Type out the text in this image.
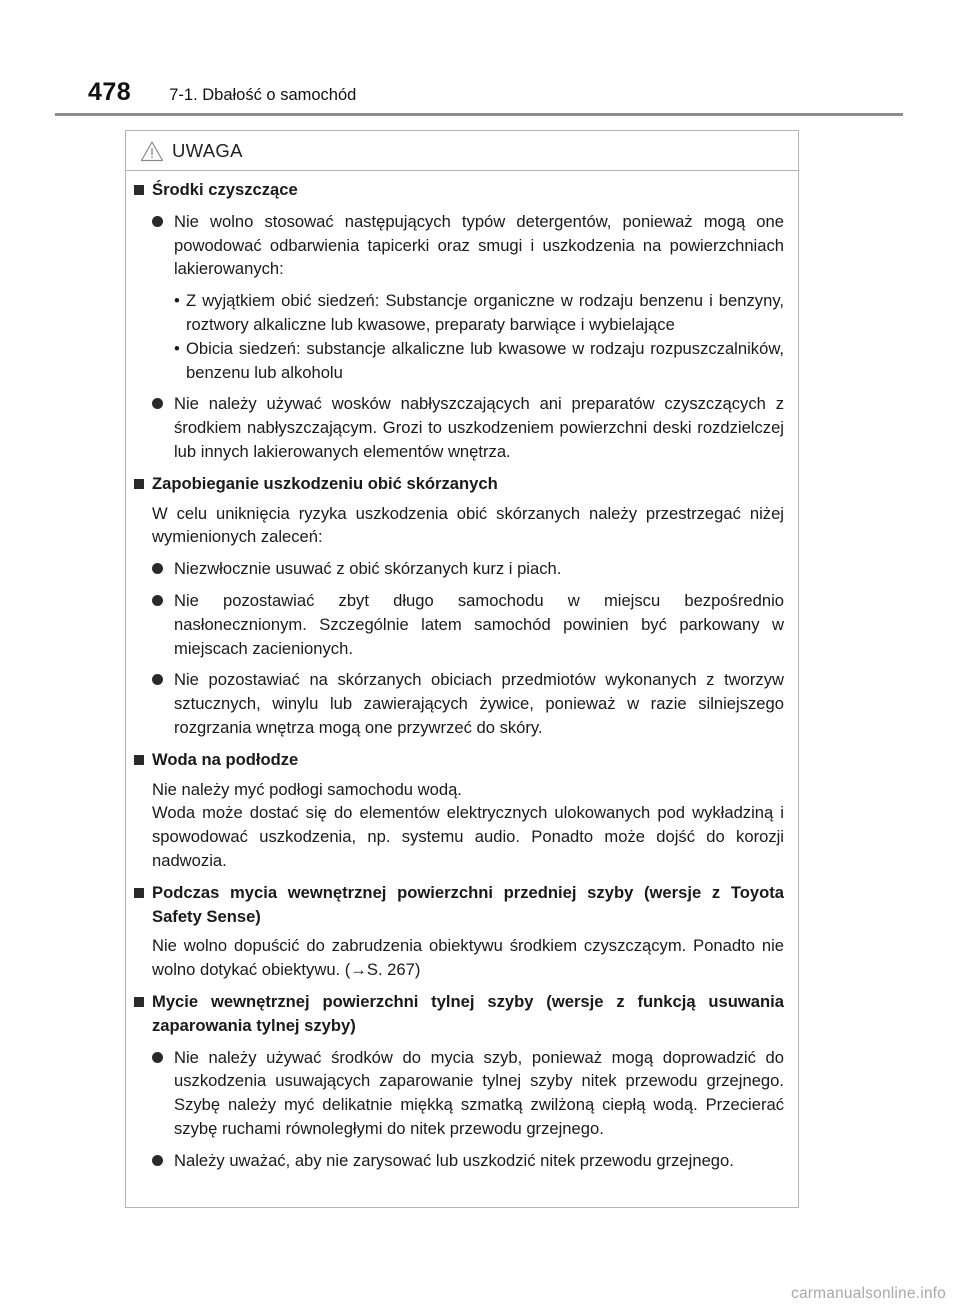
478 7-1. Dbałość o samochód
UWAGA
Środki czyszczące
Nie wolno stosować następujących typów detergentów, ponieważ mogą one powodować odbarwienia tapicerki oraz smugi i uszkodzenia na powierzchniach lakierowanych:
• Z wyjątkiem obić siedzeń: Substancje organiczne w rodzaju benzenu i benzyny, roztwory alkaliczne lub kwasowe, preparaty barwiące i wybielające
• Obicia siedzeń: substancje alkaliczne lub kwasowe w rodzaju rozpuszczalników, benzenu lub alkoholu
Nie należy używać wosków nabłyszczających ani preparatów czyszczących z środkiem nabłyszczającym. Grozi to uszkodzeniem powierzchni deski rozdzielczej lub innych lakierowanych elementów wnętrza.
Zapobieganie uszkodzeniu obić skórzanych
W celu uniknięcia ryzyka uszkodzenia obić skórzanych należy przestrzegać niżej wymienionych zaleceń:
Niezwłocznie usuwać z obić skórzanych kurz i piach.
Nie pozostawiać zbyt długo samochodu w miejscu bezpośrednio nasłonecznionym. Szczególnie latem samochód powinien być parkowany w miejscach zacienionych.
Nie pozostawiać na skórzanych obiciach przedmiotów wykonanych z tworzyw sztucznych, winylu lub zawierających żywice, ponieważ w razie silniejszego rozgrzania wnętrza mogą one przywrzeć do skóry.
Woda na podłodze
Nie należy myć podłogi samochodu wodą.
Woda może dostać się do elementów elektrycznych ulokowanych pod wykładziną i spowodować uszkodzenia, np. systemu audio. Ponadto może dojść do korozji nadwozia.
Podczas mycia wewnętrznej powierzchni przedniej szyby (wersje z Toyota Safety Sense)
Nie wolno dopuścić do zabrudzenia obiektywu środkiem czyszczącym. Ponadto nie wolno dotykać obiektywu. (→S. 267)
Mycie wewnętrznej powierzchni tylnej szyby (wersje z funkcją usuwania zaparowania tylnej szyby)
Nie należy używać środków do mycia szyb, ponieważ mogą doprowadzić do uszkodzenia usuwających zaparowanie tylnej szyby nitek przewodu grzejnego. Szybę należy myć delikatnie miękką szmatką zwilżoną ciepłą wodą. Przecierać szybę ruchami równoległymi do nitek przewodu grzejnego.
Należy uważać, aby nie zarysować lub uszkodzić nitek przewodu grzejnego.
carmanualsonline.info
